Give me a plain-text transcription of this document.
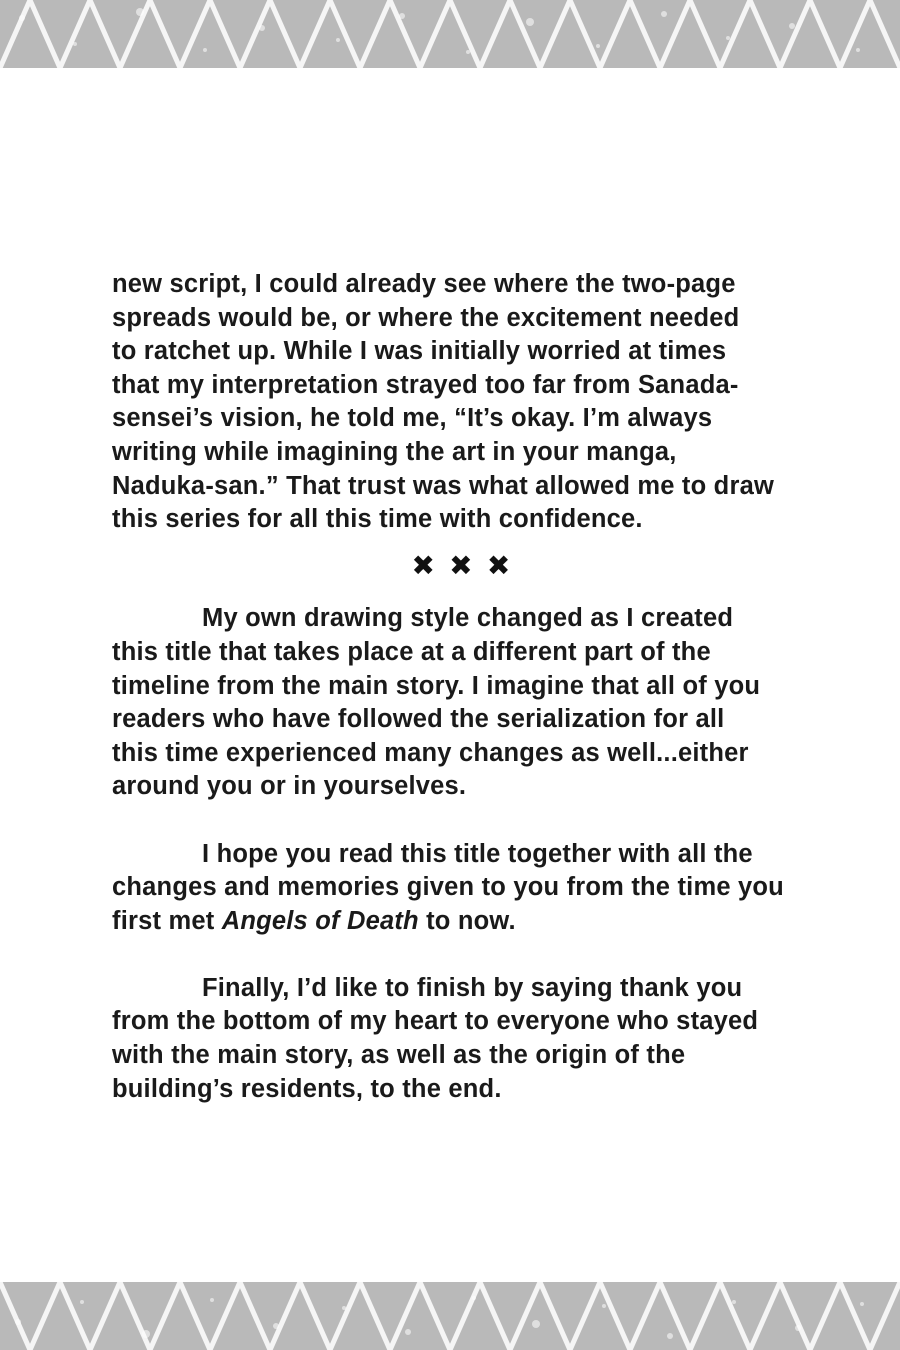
new script, I could already see where the two-page
spreads would be, or where the excitement needed
to ratchet up. While I was initially worried at times
that my interpretation strayed too far from Sanada-
sensei’s vision, he told me, “It’s okay. I’m always
writing while imagining the art in your manga,
Naduka-san.” That trust was what allowed me to draw
this series for all this time with confidence.

✖ ✖ ✖

My own drawing style changed as I created
this title that takes place at a different part of the
timeline from the main story. I imagine that all of you
readers who have followed the serialization for all
this time experienced many changes as well...either
around you or in yourselves.

I hope you read this title together with all the
changes and memories given to you from the time you
first met Angels of Death to now.

Finally, I’d like to finish by saying thank you
from the bottom of my heart to everyone who stayed
with the main story, as well as the origin of the
building’s residents, to the end.
